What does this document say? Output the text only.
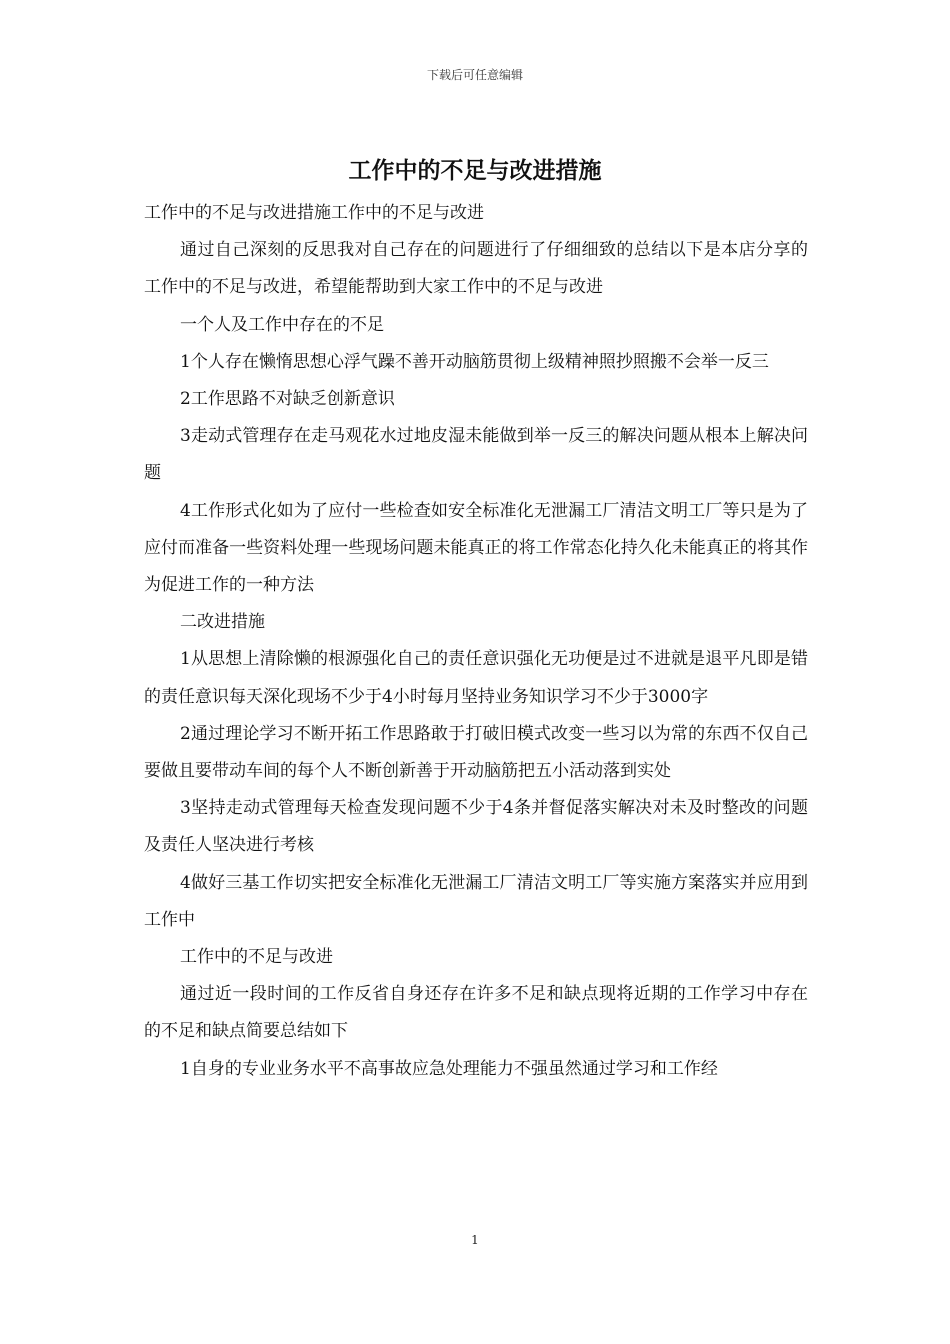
下载后可任意编辑
工作中的不足与改进措施

工作中的不足与改进措施工作中的不足与改进

通过自己深刻的反思我对自己存在的问题进行了仔细细致的总结以下是本店分享的工作中的不足与改进，希望能帮助到大家工作中的不足与改进

一个人及工作中存在的不足

1个人存在懒惰思想心浮气躁不善开动脑筋贯彻上级精神照抄照搬不会举一反三

2工作思路不对缺乏创新意识

3走动式管理存在走马观花水过地皮湿未能做到举一反三的解决问题从根本上解决问题

4工作形式化如为了应付一些检查如安全标准化无泄漏工厂清洁文明工厂等只是为了应付而准备一些资料处理一些现场问题未能真正的将工作常态化持久化未能真正的将其作为促进工作的一种方法

二改进措施

1从思想上清除懒的根源强化自己的责任意识强化无功便是过不进就是退平凡即是错的责任意识每天深化现场不少于4小时每月坚持业务知识学习不少于3000字

2通过理论学习不断开拓工作思路敢于打破旧模式改变一些习以为常的东西不仅自己要做且要带动车间的每个人不断创新善于开动脑筋把五小活动落到实处

3坚持走动式管理每天检查发现问题不少于4条并督促落实解决对未及时整改的问题及责任人坚决进行考核

4做好三基工作切实把安全标准化无泄漏工厂清洁文明工厂等实施方案落实并应用到工作中

工作中的不足与改进

通过近一段时间的工作反省自身还存在许多不足和缺点现将近期的工作学习中存在的不足和缺点简要总结如下

1自身的专业业务水平不高事故应急处理能力不强虽然通过学习和工作经

1
